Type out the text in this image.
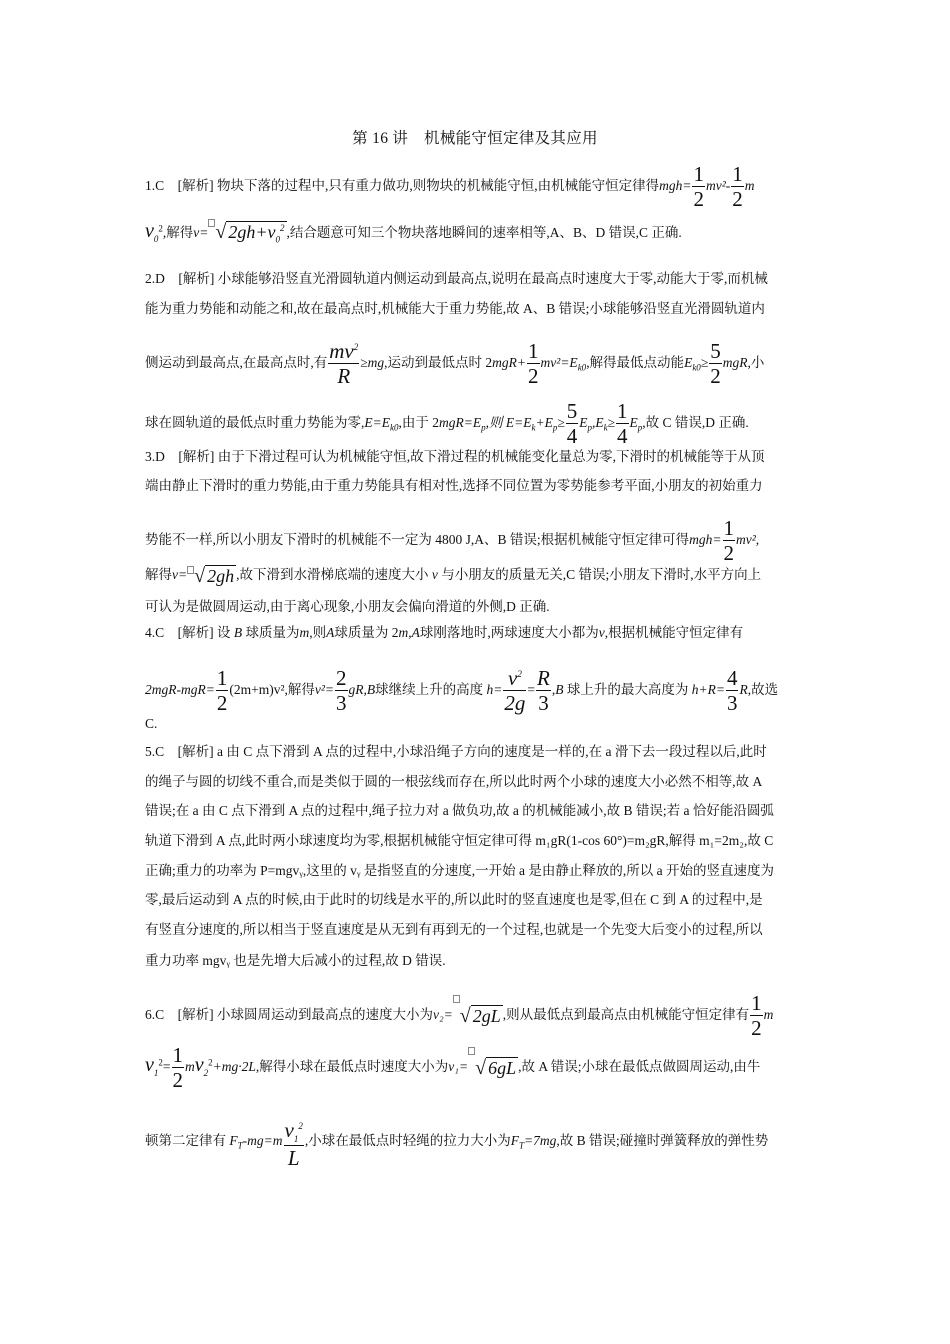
第 16 讲　机械能守恒定律及其应用
1.C　[解析] 物块下落的过程中,只有重力做功,则物块的机械能守恒,由机械能守恒定律得$mgh= \frac{1}{2} mv^2- \frac{1}{2}$ m
$v_0^2$,解得v= √ $2gh+v_0^2$ ,结合题意可知三个物块落地瞬间的速率相等,A、B、D 错误,C 正确.
2.D　[解析] 小球能够沿竖直光滑圆轨道内侧运动到最高点,说明在最高点时速度大于零,动能大于零,而机械
能为重力势能和动能之和,故在最高点时,机械能大于重力势能,故 A、B 错误;小球能够沿竖直光滑圆轨道内
侧运动到最高点,在最高点时,有 $\frac{mv^2}{R} \ge mg$,运动到最低点时 $2mgR+ \frac{1}{2} mv^2=E_{k0}$,解得最低点动能$E_{k0}\ge \frac{5}{2}$ mgR,小
球在圆轨道的最低点时重力势能为零$,E=E_{k0}$,由于 $2mgR=E_p$,则 $E=E_k+E_p\ge \frac{5}{4} E_p,E_k\ge \frac{1}{4} E_p$,故 C 错误,D 正确.
3.D　[解析] 由于下滑过程可认为机械能守恒,故下滑过程的机械能变化量总为零,下滑时的机械能等于从顶
端由静止下滑时的重力势能,由于重力势能具有相对性,选择不同位置为零势能参考平面,小朋友的初始重力
势能不一样,所以小朋友下滑时的机械能不一定为 4800 J,A、B 错误;根据机械能守恒定律可得$mgh= \frac{1}{2} mv^2$,
解得v= √ 2gh ,故下滑到水滑梯底端的速度大小 v 与小朋友的质量无关,C 错误;小朋友下滑时,水平方向上
可认为是做圆周运动,由于离心现象,小朋友会偏向滑道的外侧,D 正确.
4.C　[解析] 设 B 球质量为m,则A球质量为 2m,A球刚落地时,两球速度大小都为v,根据机械能守恒定律有
$2mgR-mgR= \frac{1}{2} (2m+m)v^2$,解得$v^2= \frac{2}{3} gR,B$球继续上升的高度 $h= \frac{v^2}{2g} = \frac{R}{3} ,B$ 球上升的最大高度为 $h+R= \frac{4}{3} R$,故选
C.
5.C　[解析] a 由 C 点下滑到 A 点的过程中,小球沿绳子方向的速度是一样的,在 a 滑下去一段过程以后,此时
的绳子与圆的切线不重合,而是类似于圆的一根弦线而存在,所以此时两个小球的速度大小必然不相等,故 A
错误;在 a 由 C 点下滑到 A 点的过程中,绳子拉力对 a 做负功,故 a 的机械能减小,故 B 错误;若 a 恰好能沿圆弧
轨道下滑到 A 点,此时两小球速度均为零,根据机械能守恒定律可得 m₁gR(1-cos 60°)=m₂gR,解得 m₁=2m₂,故 C
正确;重力的功率为 P=mgvᵧ,这里的 vᵧ 是指竖直的分速度,一开始 a 是由静止释放的,所以 a 开始的竖直速度为
零,最后运动到 A 点的时候,由于此时的切线是水平的,所以此时的竖直速度也是零,但在 C 到 A 的过程中,是
有竖直分速度的,所以相当于竖直速度是从无到有再到无的一个过程,也就是一个先变大后变小的过程,所以
重力功率 mgvᵧ 也是先增大后减小的过程,故 D 错误.
6.C　[解析] 小球圆周运动到最高点的速度大小为v₂= √ 2gL ,则从最低点到最高点由机械能守恒定律有 $\frac{1}{2}$ m
$v_1^2= \frac{1}{2} mv_2^2+mg\cdot 2L$,解得小球在最低点时速度大小为v₁= √ 6gL ,故 A 错误;小球在最低点做圆周运动,由牛
顿第二定律有 $F_T-mg=m \frac{v_1^2}{L}$ ,小球在最低点时轻绳的拉力大小为$F_T=7mg$,故 B 错误;碰撞时弹簧释放的弹性势
